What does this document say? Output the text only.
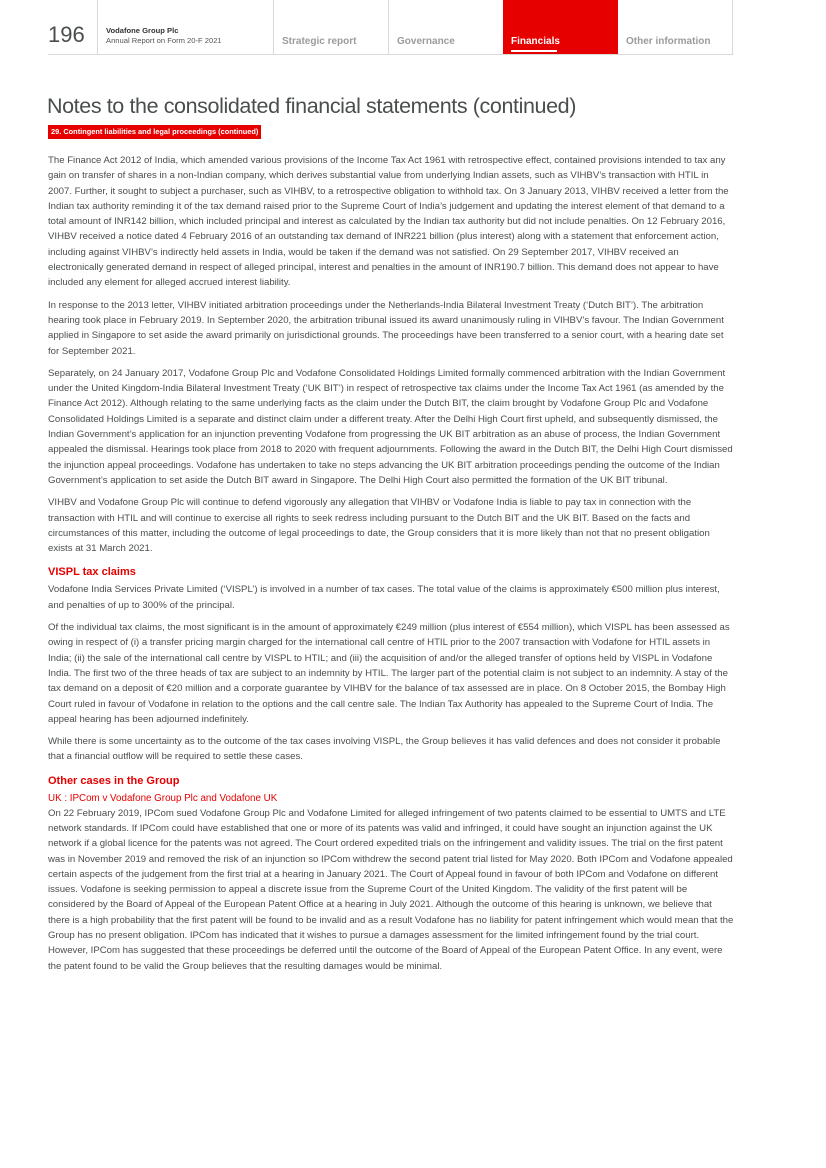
196	Vodafone Group Plc
Annual Report on Form 20-F 2021	Strategic report	Governance	Financials	Other information
Notes to the consolidated financial statements (continued)
29. Contingent liabilities and legal proceedings (continued)

The Finance Act 2012 of India, which amended various provisions of the Income Tax Act 1961 with retrospective effect, contained provisions intended to tax any gain on transfer of shares in a non-Indian company, which derives substantial value from underlying Indian assets, such as VIHBV’s transaction with HTIL in 2007. Further, it sought to subject a purchaser, such as VIHBV, to a retrospective obligation to withhold tax. On 3 January 2013, VIHBV received a letter from the Indian tax authority reminding it of the tax demand raised prior to the Supreme Court of India’s judgement and updating the interest element of that demand to a total amount of INR142 billion, which included principal and interest as calculated by the Indian tax authority but did not include penalties. On 12 February 2016, VIHBV received a notice dated 4 February 2016 of an outstanding tax demand of INR221 billion (plus interest) along with a statement that enforcement action, including against VIHBV’s indirectly held assets in India, would be taken if the demand was not satisfied. On 29 September 2017, VIHBV received an electronically generated demand in respect of alleged principal, interest and penalties in the amount of INR190.7 billion. This demand does not appear to have included any element for alleged accrued interest liability.

In response to the 2013 letter, VIHBV initiated arbitration proceedings under the Netherlands-India Bilateral Investment Treaty (‘Dutch BIT’). The arbitration hearing took place in February 2019. In September 2020, the arbitration tribunal issued its award unanimously ruling in VIHBV’s favour. The Indian Government applied in Singapore to set aside the award primarily on jurisdictional grounds. The proceedings have been transferred to a senior court, with a hearing date set for September 2021.

Separately, on 24 January 2017, Vodafone Group Plc and Vodafone Consolidated Holdings Limited formally commenced arbitration with the Indian Government under the United Kingdom-India Bilateral Investment Treaty (‘UK BIT’) in respect of retrospective tax claims under the Income Tax Act 1961 (as amended by the Finance Act 2012). Although relating to the same underlying facts as the claim under the Dutch BIT, the claim brought by Vodafone Group Plc and Vodafone Consolidated Holdings Limited is a separate and distinct claim under a different treaty. After the Delhi High Court first upheld, and subsequently dismissed, the Indian Government’s application for an injunction preventing Vodafone from progressing the UK BIT arbitration as an abuse of process, the Indian Government appealed the dismissal. Hearings took place from 2018 to 2020 with frequent adjournments. Following the award in the Dutch BIT, the Delhi High Court dismissed the injunction appeal proceedings. Vodafone has undertaken to take no steps advancing the UK BIT arbitration proceedings pending the outcome of the Indian Government’s application to set aside the Dutch BIT award in Singapore. The Delhi High Court also permitted the formation of the UK BIT tribunal.

VIHBV and Vodafone Group Plc will continue to defend vigorously any allegation that VIHBV or Vodafone India is liable to pay tax in connection with the transaction with HTIL and will continue to exercise all rights to seek redress including pursuant to the Dutch BIT and the UK BIT. Based on the facts and circumstances of this matter, including the outcome of legal proceedings to date, the Group considers that it is more likely than not that no present obligation exists at 31 March 2021.

VISPL tax claims

Vodafone India Services Private Limited (‘VISPL’) is involved in a number of tax cases. The total value of the claims is approximately €500 million plus interest, and penalties of up to 300% of the principal.

Of the individual tax claims, the most significant is in the amount of approximately €249 million (plus interest of €554 million), which VISPL has been assessed as owing in respect of (i) a transfer pricing margin charged for the international call centre of HTIL prior to the 2007 transaction with Vodafone for HTIL assets in India; (ii) the sale of the international call centre by VISPL to HTIL; and (iii) the acquisition of and/or the alleged transfer of options held by VISPL in Vodafone India. The first two of the three heads of tax are subject to an indemnity by HTIL. The larger part of the potential claim is not subject to an indemnity. A stay of the tax demand on a deposit of €20 million and a corporate guarantee by VIHBV for the balance of tax assessed are in place. On 8 October 2015, the Bombay High Court ruled in favour of Vodafone in relation to the options and the call centre sale. The Indian Tax Authority has appealed to the Supreme Court of India. The appeal hearing has been adjourned indefinitely.

While there is some uncertainty as to the outcome of the tax cases involving VISPL, the Group believes it has valid defences and does not consider it probable that a financial outflow will be required to settle these cases.

Other cases in the Group
UK : IPCom v Vodafone Group Plc and Vodafone UK

On 22 February 2019, IPCom sued Vodafone Group Plc and Vodafone Limited for alleged infringement of two patents claimed to be essential to UMTS and LTE network standards. If IPCom could have established that one or more of its patents was valid and infringed, it could have sought an injunction against the UK network if a global licence for the patents was not agreed. The Court ordered expedited trials on the infringement and validity issues. The trial on the first patent was in November 2019 and removed the risk of an injunction so IPCom withdrew the second patent trial listed for May 2020. Both IPCom and Vodafone appealed certain aspects of the judgement from the first trial at a hearing in January 2021. The Court of Appeal found in favour of both IPCom and Vodafone on different issues. Vodafone is seeking permission to appeal a discrete issue from the Supreme Court of the United Kingdom. The validity of the first patent will be considered by the Board of Appeal of the European Patent Office at a hearing in July 2021. Although the outcome of this hearing is unknown, we believe that there is a high probability that the first patent will be found to be invalid and as a result Vodafone has no liability for patent infringement which would mean that the Group has no present obligation. IPCom has indicated that it wishes to pursue a damages assessment for the limited infringement found by the trial court. However, IPCom has suggested that these proceedings be deferred until the outcome of the Board of Appeal of the European Patent Office. In any event, were the patent found to be valid the Group believes that the resulting damages would be minimal.
